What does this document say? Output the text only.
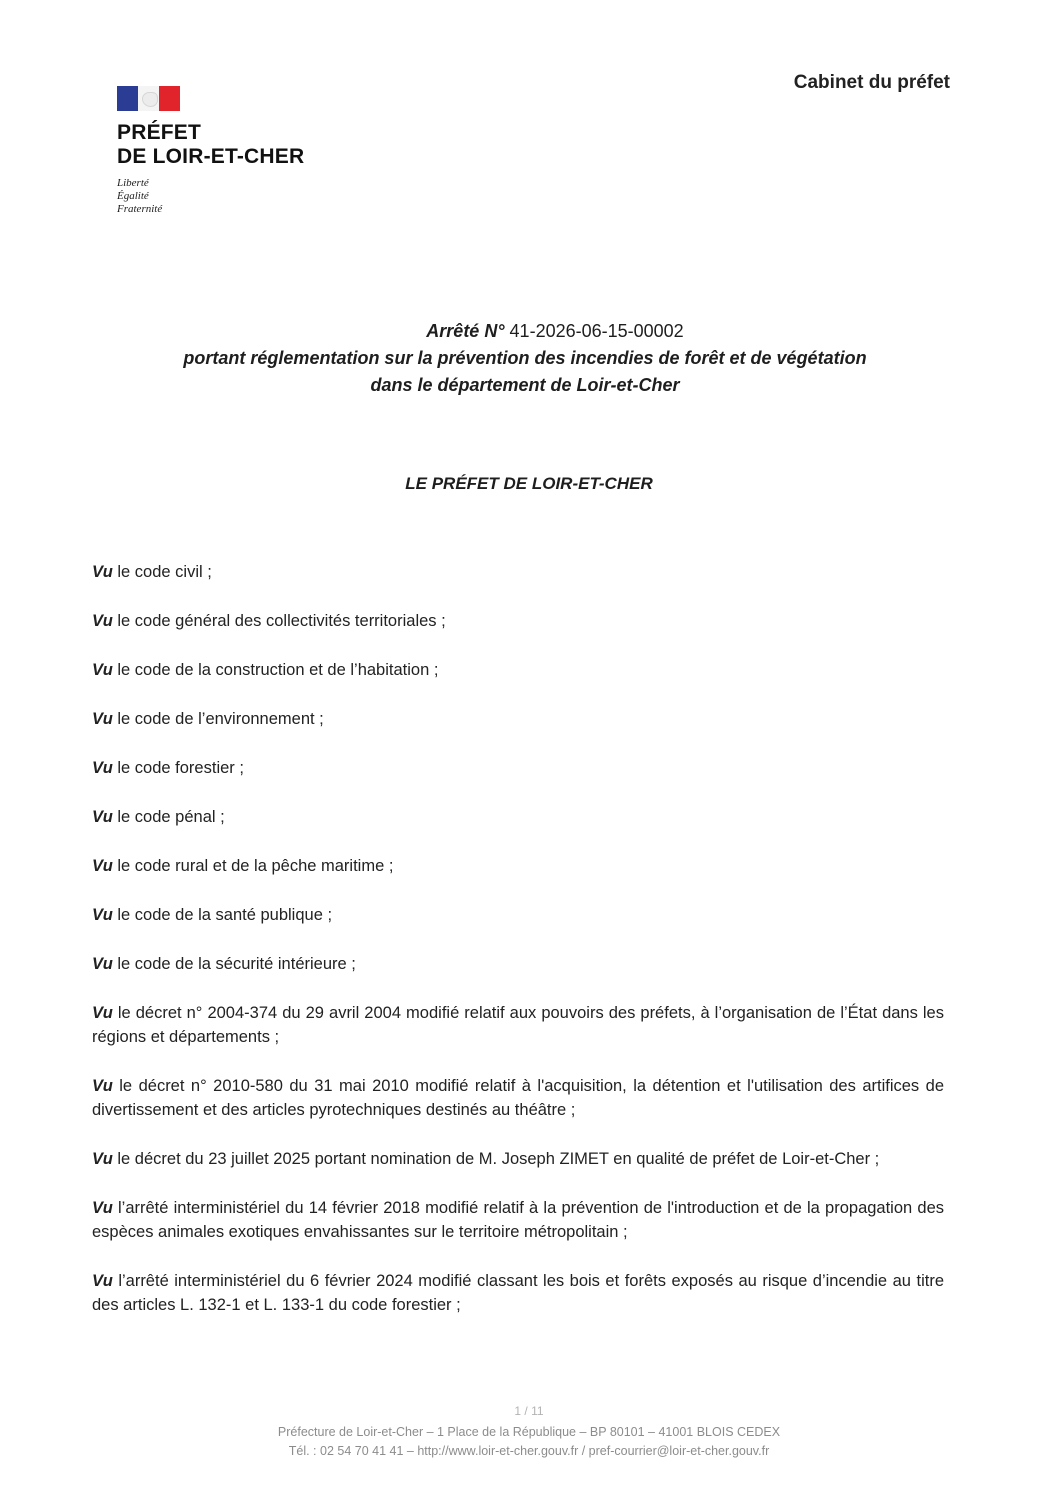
Cabinet du préfet
PRÉFET
DE LOIR-ET-CHER
Liberté
Égalité
Fraternité
Arrêté N° 41-2026-06-15-00002
portant réglementation sur la prévention des incendies de forêt et de végétation
dans le département de Loir-et-Cher
LE PRÉFET DE LOIR-ET-CHER

Vu le code civil ;

Vu le code général des collectivités territoriales ;

Vu le code de la construction et de l’habitation ;

Vu le code de l’environnement ;

Vu le code forestier ;

Vu le code pénal ;

Vu le code rural et de la pêche maritime ;

Vu le code de la santé publique ;

Vu le code de la sécurité intérieure ;

Vu le décret n° 2004-374 du 29 avril 2004 modifié relatif aux pouvoirs des préfets, à l’organisation de l’État dans les régions et départements ;

Vu le décret n° 2010-580 du 31 mai 2010 modifié relatif à l'acquisition, la détention et l'utilisation des artifices de divertissement et des articles pyrotechniques destinés au théâtre ;

Vu le décret du 23 juillet 2025 portant nomination de M. Joseph ZIMET en qualité de préfet de Loir-et-Cher ;

Vu l’arrêté interministériel du 14 février 2018 modifié relatif à la prévention de l'introduction et de la propagation des espèces animales exotiques envahissantes sur le territoire métropolitain ;

Vu l’arrêté interministériel du 6 février 2024 modifié classant les bois et forêts exposés au risque d’incendie au titre des articles L. 132-1 et L. 133-1 du code forestier ;

1 / 11
Préfecture de Loir-et-Cher – 1 Place de la République – BP 80101 – 41001 BLOIS CEDEX
Tél. : 02 54 70 41 41 – http://www.loir-et-cher.gouv.fr / pref-courrier@loir-et-cher.gouv.fr
